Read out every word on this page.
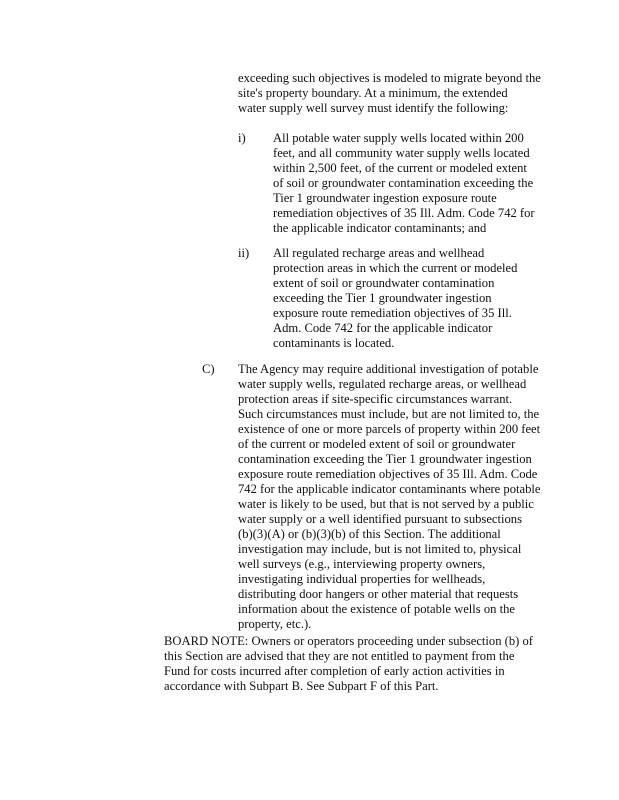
exceeding such objectives is modeled to migrate beyond the
site's property boundary. At a minimum, the extended
water supply well survey must identify the following:
i) All potable water supply wells located within 200
feet, and all community water supply wells located
within 2,500 feet, of the current or modeled extent
of soil or groundwater contamination exceeding the
Tier 1 groundwater ingestion exposure route
remediation objectives of 35 Ill. Adm. Code 742 for
the applicable indicator contaminants; and
ii) All regulated recharge areas and wellhead
protection areas in which the current or modeled
extent of soil or groundwater contamination
exceeding the Tier 1 groundwater ingestion
exposure route remediation objectives of 35 Ill.
Adm. Code 742 for the applicable indicator
contaminants is located.
C) The Agency may require additional investigation of potable
water supply wells, regulated recharge areas, or wellhead
protection areas if site-specific circumstances warrant.
Such circumstances must include, but are not limited to, the
existence of one or more parcels of property within 200 feet
of the current or modeled extent of soil or groundwater
contamination exceeding the Tier 1 groundwater ingestion
exposure route remediation objectives of 35 Ill. Adm. Code
742 for the applicable indicator contaminants where potable
water is likely to be used, but that is not served by a public
water supply or a well identified pursuant to subsections
(b)(3)(A) or (b)(3)(b) of this Section. The additional
investigation may include, but is not limited to, physical
well surveys (e.g., interviewing property owners,
investigating individual properties for wellheads,
distributing door hangers or other material that requests
information about the existence of potable wells on the
property, etc.).
BOARD NOTE: Owners or operators proceeding under subsection (b) of
this Section are advised that they are not entitled to payment from the
Fund for costs incurred after completion of early action activities in
accordance with Subpart B. See Subpart F of this Part.
